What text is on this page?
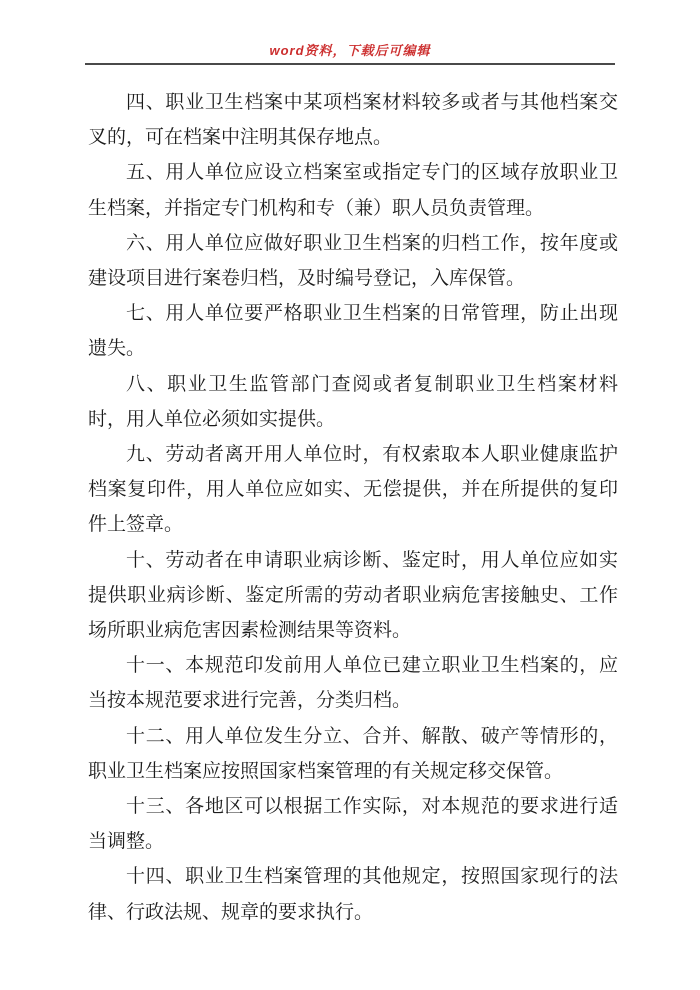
word资料，下载后可编辑

四、职业卫生档案中某项档案材料较多或者与其他档案交叉的，可在档案中注明其保存地点。

五、用人单位应设立档案室或指定专门的区域存放职业卫生档案，并指定专门机构和专（兼）职人员负责管理。

六、用人单位应做好职业卫生档案的归档工作，按年度或建设项目进行案卷归档，及时编号登记，入库保管。

七、用人单位要严格职业卫生档案的日常管理，防止出现遗失。

八、职业卫生监管部门查阅或者复制职业卫生档案材料时，用人单位必须如实提供。

九、劳动者离开用人单位时，有权索取本人职业健康监护档案复印件，用人单位应如实、无偿提供，并在所提供的复印件上签章。

十、劳动者在申请职业病诊断、鉴定时，用人单位应如实提供职业病诊断、鉴定所需的劳动者职业病危害接触史、工作场所职业病危害因素检测结果等资料。

十一、本规范印发前用人单位已建立职业卫生档案的，应当按本规范要求进行完善，分类归档。

十二、用人单位发生分立、合并、解散、破产等情形的，职业卫生档案应按照国家档案管理的有关规定移交保管。

十三、各地区可以根据工作实际，对本规范的要求进行适当调整。

十四、职业卫生档案管理的其他规定，按照国家现行的法律、行政法规、规章的要求执行。
